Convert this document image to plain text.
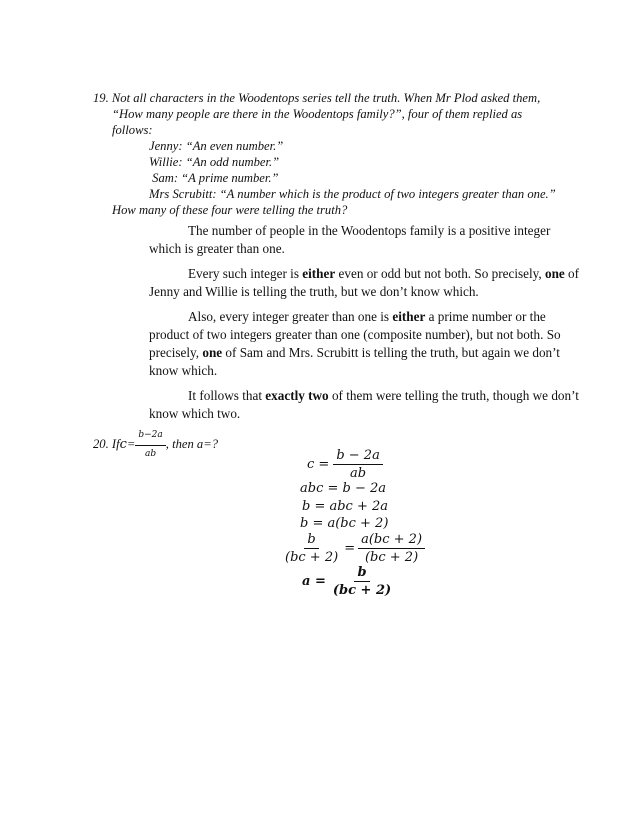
19. Not all characters in the Woodentops series tell the truth. When Mr Plod asked them,
“How many people are there in the Woodentops family?”, four of them replied as
follows:
Jenny: “An even number.”
Willie: “An odd number.”
Sam: “A prime number.”
Mrs Scrubitt: “A number which is the product of two integers greater than one.”
How many of these four were telling the truth?
The number of people in the Woodentops family is a positive integer
which is greater than one.
Every such integer is either even or odd but not both. So precisely, one of
Jenny and Willie is telling the truth, but we don’t know which.
Also, every integer greater than one is either a prime number or the
product of two integers greater than one (composite number), but not both. So
precisely, one of Sam and Mrs. Scrubitt is telling the truth, but again we don’t
know which.
It follows that exactly two of them were telling the truth, though we don’t
know which two.
20. If $c = \frac{b-2a}{ab}$ , then a=?
$c = \frac{b - 2a}{ab}$
abc = b − 2a
b = abc + 2a
b = a(bc + 2)
$\frac{b}{(bc + 2)} = \frac{a(bc + 2)}{(bc + 2)}$
$a = \frac{b}{(bc + 2)}$
